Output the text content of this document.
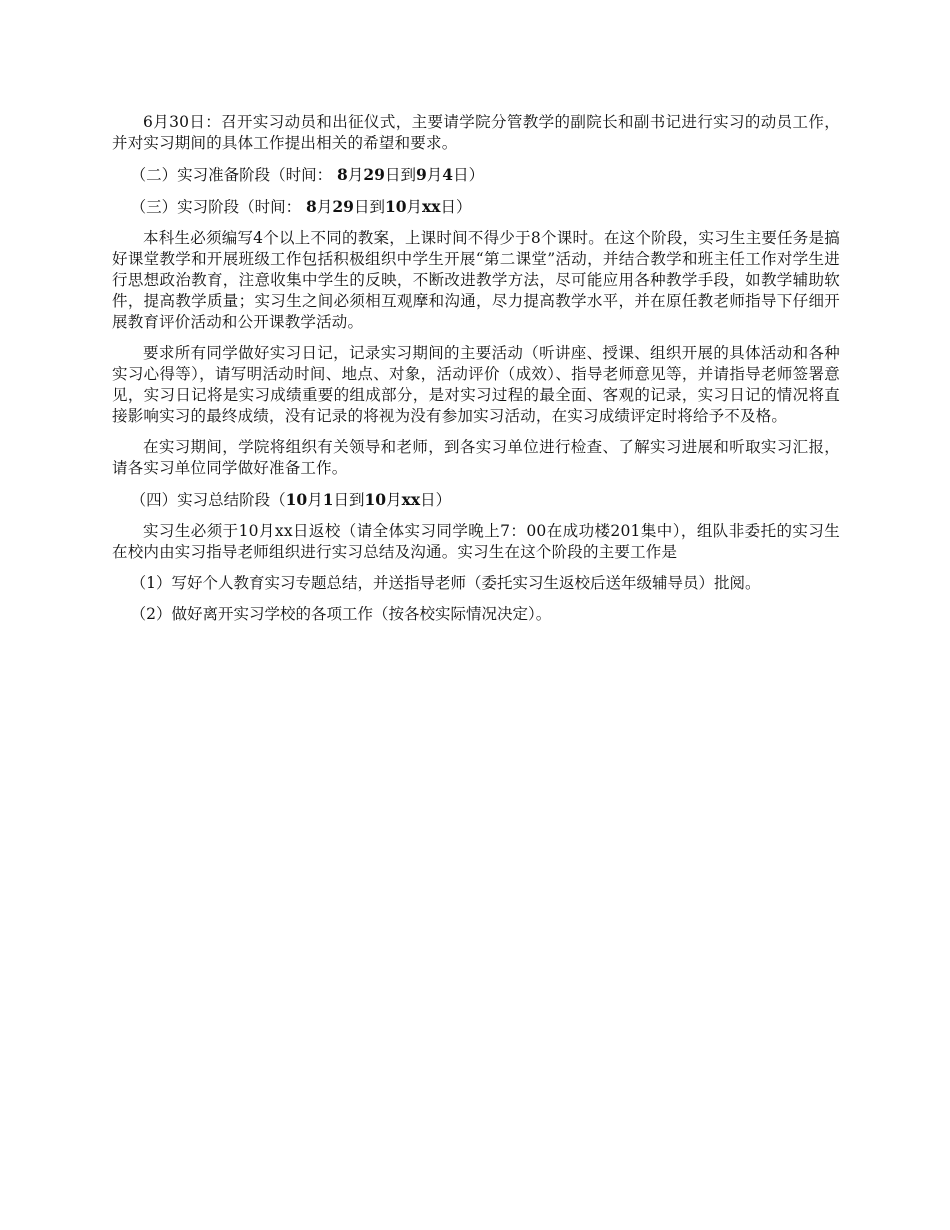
6月30日：召开实习动员和出征仪式，主要请学院分管教学的副院长和副书记进行实习的动员工作，并对实习期间的具体工作提出相关的希望和要求。

（二）实习准备阶段（时间： 8月29日到9月4日）

（三）实习阶段（时间： 8月29日到10月xx日）

本科生必须编写4个以上不同的教案，上课时间不得少于8个课时。在这个阶段，实习生主要任务是搞好课堂教学和开展班级工作包括积极组织中学生开展“第二课堂”活动，并结合教学和班主任工作对学生进行思想政治教育，注意收集中学生的反映，不断改进教学方法，尽可能应用各种教学手段，如教学辅助软件，提高教学质量；实习生之间必须相互观摩和沟通，尽力提高教学水平，并在原任教老师指导下仔细开展教育评价活动和公开课教学活动。

要求所有同学做好实习日记，记录实习期间的主要活动（听讲座、授课、组织开展的具体活动和各种实习心得等），请写明活动时间、地点、对象，活动评价（成效）、指导老师意见等，并请指导老师签署意见，实习日记将是实习成绩重要的组成部分，是对实习过程的最全面、客观的记录，实习日记的情况将直接影响实习的最终成绩，没有记录的将视为没有参加实习活动，在实习成绩评定时将给予不及格。

在实习期间，学院将组织有关领导和老师，到各实习单位进行检查、了解实习进展和听取实习汇报，请各实习单位同学做好准备工作。

（四）实习总结阶段（10月1日到10月xx日）

实习生必须于10月xx日返校（请全体实习同学晚上7：00在成功楼201集中），组队非委托的实习生在校内由实习指导老师组织进行实习总结及沟通。实习生在这个阶段的主要工作是

（1）写好个人教育实习专题总结，并送指导老师（委托实习生返校后送年级辅导员）批阅。

（2）做好离开实习学校的各项工作（按各校实际情况决定）。
